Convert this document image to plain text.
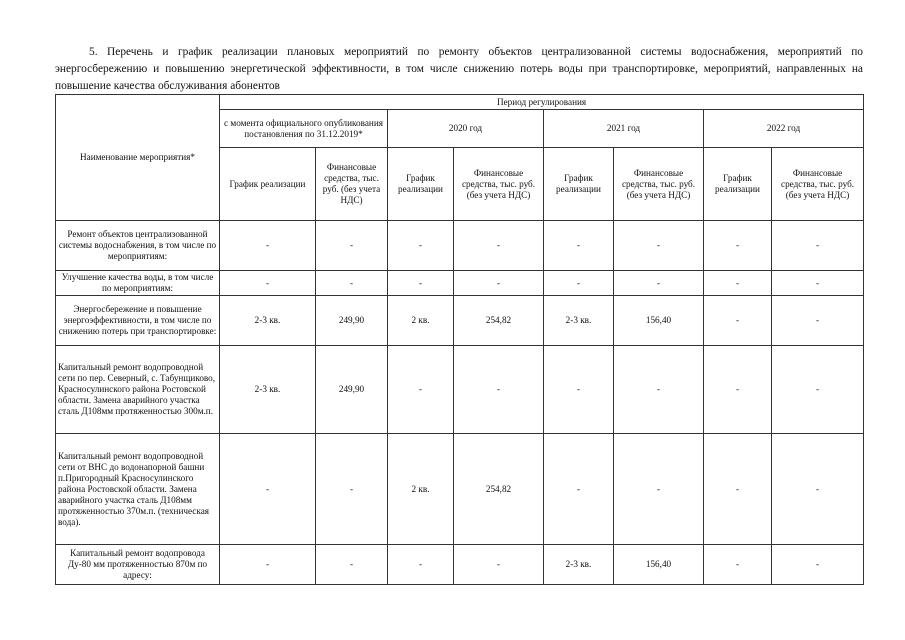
5. Перечень и график реализации плановых мероприятий по ремонту объектов централизованной системы водоснабжения, мероприятий по энергосбережению и повышению энергетической эффективности, в том числе снижению потерь воды при транспортировке, мероприятий, направленных на повышение качества обслуживания абонентов
Наименование мероприятия*	Период регулирования							
	с момента официального опубликования постановления по 31.12.2019*		2020 год		2021 год		2022 год	
	График реализации	Финансовые средства, тыс. руб. (без учета НДС)	График реализации	Финансовые средства, тыс. руб. (без учета НДС)	График реализации	Финансовые средства, тыс. руб. (без учета НДС)	График реализации	Финансовые средства, тыс. руб. (без учета НДС)
Ремонт объектов централизованной системы водоснабжения, в том числе по мероприятиям:	-	-	-	-	-	-	-	-
Улучшение качества воды, в том числе по мероприятиям:	-	-	-	-	-	-	-	-
Энергосбережение и повышение энергоэффективности, в том числе по снижению потерь при транспортировке:	2-3 кв.	249,90	2 кв.	254,82	2-3 кв.	156,40	-	-
Капитальный ремонт водопроводной сети по пер. Северный, с. Табунщиково, Красносулинского района Ростовской области. Замена аварийного участка сталь Д108мм протяженностью 300м.п.	2-3 кв.	249,90	-	-	-	-	-	-
Капитальный ремонт водопроводной сети от ВНС до водонапорной башни п.Пригородный Красносулинского района Ростовской области. Замена аварийного участка сталь Д108мм протяженностью 370м.п. (техническая вода).	-	-	2 кв.	254,82	-	-	-	-
Капитальный ремонт водопровода Ду-80 мм протяженностью 870м по адресу:	-	-	-	-	2-3 кв.	156,40	-	-
